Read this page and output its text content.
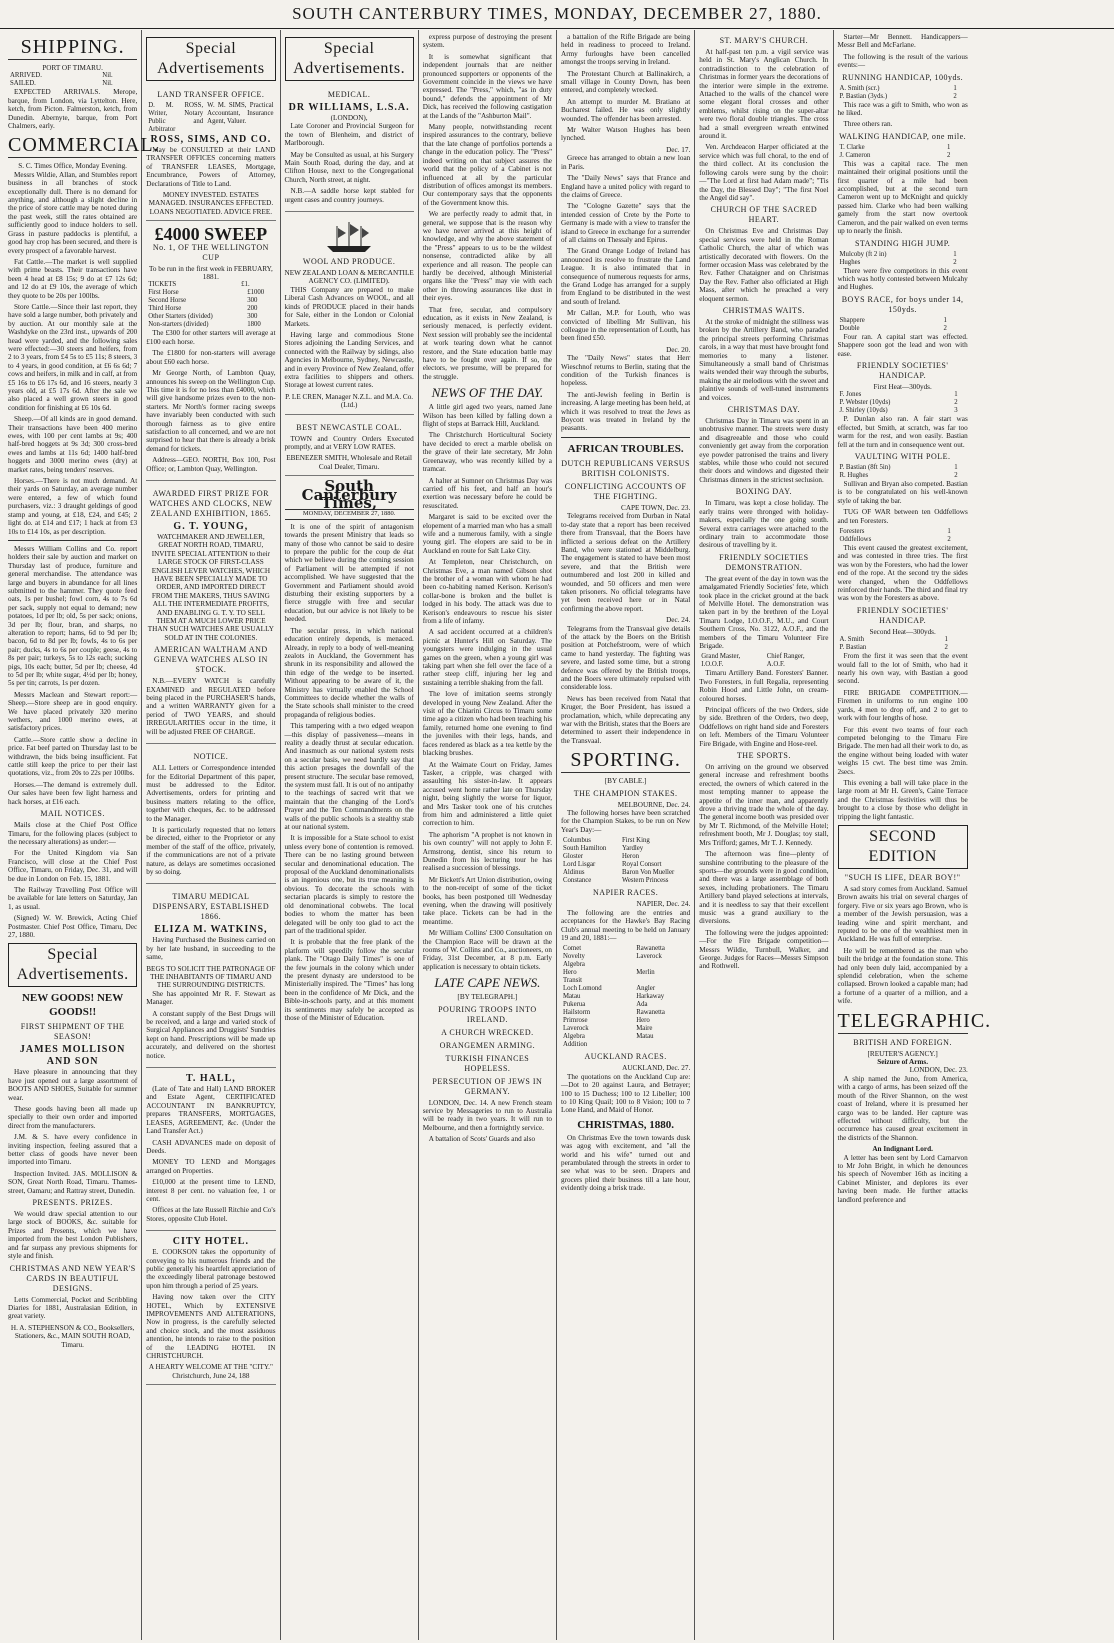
SOUTH CANTERBURY TIMES, MONDAY, DECEMBER 27, 1880.
SHIPPING.
PORT OF TIMARU.
ARRIVED.	Nil.
SAILED.	Nil.

EXPECTED ARRIVALS. Merope, barque, from London, via Lyttelton. Here, ketch, from Picton. Falmerston, ketch, from Dunedin. Abernyte, barque, from Port Chalmers, early.

COMMERCIAL.
S. C. Times Office, Monday Evening.

Messrs Wildie, Allan, and Stumbles report business in all branches of stock exceptionally dull. There is no demand for anything, and although a slight decline in the price of store cattle may be noted during the past week, still the rates obtained are sufficiently good to induce holders to sell. Grass in pasture paddocks is plentiful, a good hay crop has been secured, and there is every prospect of a favorable harvest.

Fat Cattle.—The market is well supplied with prime beasts. Their transactions have been 4 head at £8 15s; 9 do at £7 12s 6d; and 12 do at £9 10s, the average of which they quote to be 20s per 100lbs.

Store Cattle.—Since their last report, they have sold a large number, both privately and by auction. At our monthly sale at the Washdyke on the 23rd inst., upwards of 200 head were yarded, and the following sales were effected:—30 steers and heifers, from 2 to 3 years, from £4 5s to £5 11s; 8 steers, 3 to 4 years, in good condition, at £6 6s 6d; 7 cows and heifers, in milk and in calf, at from £5 16s to £6 17s 6d, and 16 steers, nearly 3 years old, at £5 17s 6d. After the sale we also placed a well grown steers in good condition for finishing at £6 10s 6d.

Sheep.—Of all kinds are in good demand. Their transactions have been 400 merino ewes, with 100 per cent lambs at 9s; 400 half-bred hoggets at 9s 3d; 300 cross-bred ewes and lambs at 11s 6d; 1400 half-bred hoggets and 3000 merino ewes (dry) at market rates, being tenders' reserves.

Horses.—There is not much demand. At their yards on Saturday, an average number were entered, a few of which found purchasers, viz.: 3 draught geldings of good stamp and young, at £18, £24, and £45; 2 light do. at £14 and £17; 1 hack at from £3 10s to £14 10s, as per description.

Messrs William Collins and Co. report holders their sale by auction and market on Thursday last of produce, furniture and general merchandise. The attendance was large and buyers in abundance for all lines submitted to the hammer. They quote feed oats, 1s per bushel; fowl corn, 4s to 7s 6d per sack, supply not equal to demand; new potatoes, 1d per lb; old, 5s per sack; onions, 3d per lb; flour, bran, and sharps, no alteration to report; hams, 6d to 9d per lb; bacon, 6d to 8d per lb; fowls, 4s to 6s per pair; ducks, 4s to 6s per couple; geese, 4s to 8s per pair; turkeys, 5s to 12s each; sucking pigs, 10s each; butter, 5d per lb; cheese, 4d to 5d per lb; white sugar, 4½d per lb; honey, 5s per tin; carrots, 1s per dozen.

Messrs Maclean and Stewart report:—Sheep.—Store sheep are in good enquiry. We have placed privately 320 merino wethers, and 1000 merino ewes, at satisfactory prices.

Cattle.—Store cattle show a decline in price. Fat beef parted on Thursday last to be withdrawn, the bids being insufficient. Fat cattle still keep the price to per their last quotations, viz., from 20s to 22s per 100lbs.

Horses.—The demand is extremely dull. Our sales have been few light harness and hack horses, at £16 each.

MAIL NOTICES.

Mails close at the Chief Post Office Timaru, for the following places (subject to the necessary alterations) as under:—

For the United Kingdom via San Francisco, will close at the Chief Post Office, Timaru, on Friday, Dec. 31, and will be due in London on Feb. 15, 1881.

The Railway Travelling Post Office will be available for late letters on Saturday, Jan 1, as usual.

(Signed) W. W. Brewick, Acting Chief Postmaster. Chief Post Office, Timaru, Dec 27, 1880.

Special Advertisements.
NEW GOODS! NEW GOODS!!
FIRST SHIPMENT OF THE SEASON!
JAMES MOLLISON AND SON

Have pleasure in announcing that they have just opened out a large assortment of BOOTS AND SHOES, Suitable for summer wear.

These goods having been all made up specially to their own order and imported direct from the manufacturers.

J.M. & S. have every confidence in inviting inspection, feeling assured that a better class of goods have never been imported into Timaru.

Inspection Invited. JAS. MOLLISON & SON, Great North Road, Timaru. Thames-street, Oamaru; and Rattray street, Dunedin.

PRESENTS. PRIZES.

We would draw special attention to our large stock of BOOKS, &c. suitable for Prizes and Presents, which we have imported from the best London Publishers, and far surpass any previous shipments for style and finish.

CHRISTMAS AND NEW YEAR'S CARDS IN BEAUTIFUL DESIGNS.

Letts Commercial, Pocket and Scribbling Diaries for 1881, Australasian Edition, in great variety.

H. A. STEPHENSON & CO., Booksellers, Stationers, &c., MAIN SOUTH ROAD, Timaru.
Special Advertisements
LAND TRANSFER OFFICE.
D. M. ROSS, Writer, Notary Public and Arbitrator	W. M. SIMS, Practical Accountant, Insurance Agent, Valuer.
ROSS, SIMS, AND CO.

May be CONSULTED at their LAND TRANSFER OFFICES concerning matters of TRANSFER LEASES, Mortgage, Encumbrance, Powers of Attorney, Declarations of Title to Land.

MONEY INVESTED. ESTATES MANAGED. INSURANCES EFFECTED. LOANS NEGOTIATED. ADVICE FREE.
£4000 SWEEP
No. 1, OF THE WELLINGTON CUP
To be run in the first week in FEBRUARY, 1881.
TICKETS	£1.
First Horse	£1000
Second Horse	300
Third Horse	200
Other Starters (divided)	300
Non-starters (divided)	1800

The £300 for other starters will average at £100 each horse.

The £1800 for non-starters will average about £60 each horse.

Mr George North, of Lambton Quay, announces his sweep on the Wellington Cup. This time it is for no less than £4000, which will give handsome prizes even to the non-starters. Mr North's former racing sweeps have invariably been conducted with such thorough fairness as to give entire satisfaction to all concerned, and we are not surprised to hear that there is already a brisk demand for tickets.

Address—GEO. NORTH, Box 100, Post Office; or, Lambton Quay, Wellington.

AWARDED FIRST PRIZE FOR WATCHES AND CLOCKS, NEW ZEALAND EXHIBITION, 1865.
G. T. YOUNG,
WATCHMAKER AND JEWELLER, GREAT NORTH ROAD, TIMARU, INVITE SPECIAL ATTENTION to their
LARGE STOCK OF FIRST-CLASS ENGLISH LEVER WATCHES, WHICH HAVE BEEN SPECIALLY MADE TO ORDER, AND IMPORTED DIRECT FROM THE MAKERS, THUS SAVING ALL THE INTERMEDIATE PROFITS, AND ENABLING G. T. Y. TO SELL THEM AT A MUCH LOWER PRICE THAN SUCH WATCHES ARE USUALLY SOLD AT IN THE COLONIES.
AMERICAN WALTHAM AND GENEVA WATCHES ALSO IN STOCK.

N.B.—EVERY WATCH is carefully EXAMINED and REGULATED before being placed in the PURCHASER'S hands, and a written WARRANTY given for a period of TWO YEARS, and should IRREGULARITIES occur in the time, it will be adjusted FREE OF CHARGE.

NOTICE.

ALL Letters or Correspondence intended for the Editorial Department of this paper, must be addressed to the Editor. Advertisements, orders for printing and business matters relating to the office, together with cheques, &c. to be addressed to the Manager.

It is particularly requested that no letters be directed, either to the Proprietor or any member of the staff of the office, privately, if the communications are not of a private nature, as delays are sometimes occasioned by so doing.

TIMARU MEDICAL DISPENSARY, ESTABLISHED 1866.
ELIZA M. WATKINS,

Having Purchased the Business carried on by her late husband, in succeeding to the same,

BEGS TO SOLICIT THE PATRONAGE OF THE INHABITANTS OF TIMARU AND THE SURROUNDING DISTRICTS.

She has appointed Mr R. F. Stewart as Manager.

A constant supply of the Best Drugs will be received, and a large and varied stock of Surgical Appliances and Druggists' Sundries kept on hand. Prescriptions will be made up accurately, and delivered on the shortest notice.

T. HALL,

(Late of Tate and Hall) LAND BROKER and Estate Agent, CERTIFICATED ACCOUNTANT IN BANKRUPTCY, prepares TRANSFERS, MORTGAGES, LEASES, AGREEMENT, &c. (Under the Land Transfer Act.)

CASH ADVANCES made on deposit of Deeds.

MONEY TO LEND and Mortgages arranged on Properties.

£10,000 at the present time to LEND, interest 8 per cent. no valuation fee, 1 or cent.

Offices at the late Russell Ritchie and Co's Stores, opposite Club Hotel.

CITY HOTEL.

E. COOKSON takes the opportunity of conveying to his numerous friends and the public generally his heartfelt appreciation of the exceedingly liberal patronage bestowed upon him through a period of 25 years.

Having now taken over the CITY HOTEL, Which by EXTENSIVE IMPROVEMENTS AND ALTERATIONS, Now in progress, is the carefully selected and choice stock, and the most assiduous attention, he intends to raise to the position of the LEADING HOTEL IN CHRISTCHURCH.

A HEARTY WELCOME AT THE "CITY." Christchurch, June 24, 188
Special Advertisements.
MEDICAL.
DR WILLIAMS, L.S.A.
(LONDON),

Late Coroner and Provincial Surgeon for the town of Blenheim, and district of Marlborough.

May be Consulted as usual, at his Surgery Main South Road, during the day, and at Clifton House, next to the Congregational Church, North street, at night.

N.B.—A saddle horse kept stabled for urgent cases and country journeys.

WOOL AND PRODUCE.
NEW ZEALAND LOAN & MERCANTILE AGENCY CO. (LIMITED).

THIS Company are prepared to make Liberal Cash Advances on WOOL, and all kinds of PRODUCE placed in their hands for Sale, either in the London or Colonial Markets.

Having large and commodious Stone Stores adjoining the Landing Services, and connected with the Railway by sidings, also Agencies in Melbourne, Sydney, Newcastle, and in every Province of New Zealand, offer extra facilities to shippers and others. Storage at lowest current rates.

P. LE CREN, Manager N.Z.L. and M.A. Co. (Ltd.)
BEST NEWCASTLE COAL.

TOWN and Country Orders Executed promptly, and at VERY LOW RATES.

EBENEZER SMITH, Wholesale and Retail Coal Dealer, Timaru.
South Canterbury Times,
MONDAY, DECEMBER 27, 1880.

It is one of the spirit of antagonism towards the present Ministry that leads so many of those who cannot be said to desire to prepare the public for the coup de état which we believe during the coming session of Parliament will be attempted if not accomplished. We have suggested that the Government and Parliament should avoid disturbing their existing supporters by a fierce struggle with free and secular education, but our advice is not likely to be heeded.

The secular press, in which national education entirely depends, is menaced. Already, in reply to a body of well-meaning zealots in Auckland, the Government has shrunk in its responsibility and allowed the thin edge of the wedge to be inserted. Without appearing to be aware of it, the Ministry has virtually enabled the School Committees to decide whether the walls of the State schools shall minister to the creed propaganda of religious bodies.

This tampering with a two edged weapon—this display of passiveness—means in reality a deadly thrust at secular education. And inasmuch as our national system rests on a secular basis, we need hardly say that this action presages the downfall of the present structure. The secular base removed, the system must fall. It is out of no antipathy to the teachings of sacred writ that we maintain that the changing of the Lord's Prayer and the Ten Commandments on the walls of the public schools is a stealthy stab at our national system.

It is impossible for a State school to exist unless every bone of contention is removed. There can be no lasting ground between secular and denominational education. The proposal of the Auckland denominationalists is an ingenious one, but its true meaning is obvious. To decorate the schools with sectarian placards is simply to restore the old denominational cobwebs. The local bodies to whom the matter has been delegated will be only too glad to act the part of the traditional spider.

It is probable that the free plank of the platform will speedily follow the secular plank. The "Otago Daily Times" is one of the few journals in the colony which under the present dynasty are understood to be Ministerially inspired. The "Times" has long been in the confidence of Mr Dick, and the Bible-in-schools party, and at this moment its sentiments may safely be accepted as those of the Minister of Education.

express purpose of destroying the present system.

It is somewhat significant that independent journals that are neither pronounced supporters or opponents of the Government coincide in the views we have expressed. The "Press," which, "as in duty bound," defends the appointment of Mr Dick, has received the following castigation at the Lands of the "Ashburton Mail".

Many people, notwithstanding recent inspired assurances to the contrary, believe that the late change of portfolios portends a change in the education policy. The "Press" indeed writing on that subject assures the world that the policy of a Cabinet is not influenced at all by the particular distribution of offices amongst its members. Our contemporary says that the opponents of the Government know this.

We are perfectly ready to admit that, in general, we suppose that is the reason why we have never arrived at this height of knowledge, and why the above statement of the "Press" appears to us to be the wildest nonsense, contradicted alike by all experience and all reason. The people can hardly be deceived, although Ministerial organs like the "Press" may vie with each other in throwing assurances like dust in their eyes.

That free, secular, and compulsory education, as it exists in New Zealand, is seriously menaced, is perfectly evident. Next session will probably see the incidental at work tearing down what he cannot restore, and the State education battle may have to be fought over again. If so, the electors, we presume, will be prepared for the struggle.

NEWS OF THE DAY.

A little girl aged two years, named Jane Wilson has been killed by falling down a flight of steps at Barrack Hill, Auckland.

The Christchurch Horticultural Society have decided to erect a marble obelisk on the grave of their late secretary, Mr John Greenaway, who was recently killed by a tramcar.

A halter at Sumner on Christmas Day was carried off his feet, and half an hour's exertion was necessary before he could be resuscitated.

Margaret is said to be excited over the elopement of a married man who has a small wife and a numerous family, with a single young girl. The elopers are said to be in Auckland en route for Salt Lake City.

At Templeton, near Christchurch, on Christmas Eve, a man named Gibson shot the brother of a woman with whom he had been co-habiting named Kerison. Kerison's collar-bone is broken and the bullet is lodged in his body. The attack was due to Kerison's endeavours to rescue his sister from a life of infamy.

A sad accident occurred at a children's picnic at Hunter's Hill on Saturday. The youngsters were indulging in the usual games on the green, when a young girl was taking part when she fell over the face of a rather steep cliff, injuring her leg and sustaining a terrible shaking from the fall.

The love of imitation seems strongly developed in young New Zealand. After the visit of the Chiarini Circus to Timaru some time ago a citizen who had been teaching his family, returned home one evening to find the juveniles with their legs, hands, and faces rendered as black as a tea kettle by the blacking brushes.

At the Waimate Court on Friday, James Tasker, a cripple, was charged with assaulting his sister-in-law. It appears accused went home rather late on Thursday night, being slightly the worse for liquor, and Mrs Tasker took one of his crutches from him and administered a little quiet correction to him.

The aphorism "A prophet is not known in his own country" will not apply to John F. Armstrong, dentist, since his return to Dunedin from his lecturing tour he has realised a succession of blessings.

Mr Bickett's Art Union distribution, owing to the non-receipt of some of the ticket books, has been postponed till Wednesday evening, when the drawing will positively take place. Tickets can be had in the meantime.

Mr William Collins' £300 Consultation on the Champion Race will be drawn at the rooms of W. Collins and Co., auctioneers, on Friday, 31st December, at 8 p.m. Early application is necessary to obtain tickets.

LATE CAPE NEWS.
[BY TELEGRAPH.]
POURING TROOPS INTO IRELAND.
A CHURCH WRECKED.
ORANGEMEN ARMING.
TURKISH FINANCES HOPELESS.
PERSECUTION OF JEWS IN GERMANY.

LONDON, Dec. 14. A new French steam service by Messageries to run to Australia will be ready in two years. It will run to Melbourne, and then a fortnightly service.

A battalion of Scots' Guards and also

a battalion of the Rifle Brigade are being held in readiness to proceed to Ireland. Army furloughs have been cancelled amongst the troops serving in Ireland.

The Protestant Church at Ballinakirch, a small village in County Down, has been entered, and completely wrecked.

An attempt to murder M. Bratiano at Bucharest failed. He was only slightly wounded. The offender has been arrested.

Mr Walter Watson Hughes has been lynched.

Dec. 17.

Greece has arranged to obtain a new loan in Paris.

The "Daily News" says that France and England have a united policy with regard to the claims of Greece.

The "Cologne Gazette" says that the intended cession of Crete by the Porte to Germany is made with a view to transfer the island to Greece in exchange for a surrender of all claims on Thessaly and Epirus.

The Grand Orange Lodge of Ireland has announced its resolve to frustrate the Land League. It is also intimated that in consequence of numerous requests for arms, the Grand Lodge has arranged for a supply from England to be distributed in the west and south of Ireland.

Mr Callan, M.P. for Louth, who was convicted of libelling Mr Sullivan, his colleague in the representation of Louth, has been fined £50.

Dec. 20.

The "Daily News" states that Herr Wieschnof returns to Berlin, stating that the condition of the Turkish finances is hopeless.

The anti-Jewish feeling in Berlin is increasing. A large meeting has been held, at which it was resolved to treat the Jews as Boycott was treated in Ireland by the peasants.

AFRICAN TROUBLES.
DUTCH REPUBLICANS VERSUS BRITISH COLONISTS.
CONFLICTING ACCOUNTS OF THE FIGHTING.
CAPE TOWN, Dec. 23.

Telegrams received from Durban in Natal to-day state that a report has been received there from Transvaal, that the Boers have inflicted a serious defeat on the Artillery Band, who were stationed at Middelburg. The engagement is stated to have been most severe, and that the British were outnumbered and lost 200 in killed and wounded, and 50 officers and men were taken prisoners. No official telegrams have yet been received here or in Natal confirming the above report.

Dec. 24.

Telegrams from the Transvaal give details of the attack by the Boers on the British position at Potchefstroom, were of which came to hand yesterday. The fighting was severe, and lasted some time, but a strong defence was offered by the British troops, and the Boers were ultimately repulsed with considerable loss.

News has been received from Natal that Kruger, the Boer President, has issued a proclamation, which, while deprecating any war with the British, states that the Boers are determined to assert their independence in the Transvaal.

SPORTING.
[BY CABLE.]
THE CHAMPION STAKES.
MELBOURNE, Dec. 24.

The following horses have been scratched for the Champion Stakes, to be run on New Year's Day:—

Columbus	First King
South Hamilton	Yardley
Gloster	Heron
Lord Lisgar	Royal Consort
Aldinus	Baron Von Mueller
Constance	Western Princess
NAPIER RACES.
NAPIER, Dec. 24.

The following are the entries and acceptances for the Hawke's Bay Racing Club's annual meeting to be held on January 19 and 20, 1881:—

Comet	Rawanetta
Novelty	Laverock
Algebra	
Hero	Merlin
Transit	
Loch Lomond	Angler
Matau	Harkaway
Pukerua	Ada
Hailstorm	Rawanetta
Primrose	Hero
Laverock	Maire
Algebra	Matau
Addition	
AUCKLAND RACES.
AUCKLAND, Dec. 27.

The quotations on the Auckland Cup are:—Dot to 20 against Laura, and Betrayer; 100 to 15 Duchess; 100 to 12 Libeller; 100 to 10 King Quail; 100 to 8 Vision; 100 to 7 Lone Hand, and Maid of Honor.

CHRISTMAS, 1880.

On Christmas Eve the town towards dusk was agog with excitement, and "all the world and his wife" turned out and perambulated through the streets in order to see what was to be seen. Drapers and grocers plied their business till a late hour, evidently doing a brisk trade.

ST. MARY'S CHURCH.

At half-past ten p.m. a vigil service was held in St. Mary's Anglican Church. In contradistinction to the celebration of Christmas in former years the decorations of the interior were simple in the extreme. Attached to the walls of the chancel were some elegant floral crosses and other emblems, whilst rising on the super-altar were two floral double triangles. The cross had a small evergreen wreath entwined around it.

Ven. Archdeacon Harper officiated at the service which was full choral, to the end of the third collect. At its conclusion the following carols were sung by the choir:—"The Lord at first had Adam made"; "Tis the Day, the Blessed Day"; "The first Noel the Angel did say".

CHURCH OF THE SACRED HEART.

On Christmas Eve and Christmas Day special services were held in the Roman Catholic Church, the altar of which was artistically decorated with flowers. On the former occasion Mass was celebrated by the Rev. Father Chataigner and on Christmas Day the Rev. Father also officiated at High Mass, after which he preached a very eloquent sermon.

CHRISTMAS WAITS.

At the stroke of midnight the stillness was broken by the Artillery Band, who paraded the principal streets performing Christmas carols, in a way that must have brought fond memories to many a listener. Simultaneously a small band of Christmas waits wended their way through the suburbs, making the air melodious with the sweet and plaintive sounds of well-tuned instruments and voices.

CHRISTMAS DAY.

Christmas Day in Timaru was spent in an unobtrusive manner. The streets were dusty and disagreeable and those who could conveniently get away from the corporation eye powder patronised the trains and livery stables, while those who could not secured their doors and windows and digested their Christmas dinners in the strictest seclusion.

BOXING DAY.

In Timaru, was kept a close holiday. The early trains were thronged with holiday-makers, especially the one going south. Several extra carriages were attached to the ordinary train to accommodate those desirous of travelling by it.

FRIENDLY SOCIETIES DEMONSTRATION.

The great event of the day in town was the amalgamated Friendly Societies' fete, which took place in the cricket ground at the back of Melville Hotel. The demonstration was taken part in by the brethren of the Loyal Timaru Lodge, I.O.O.F., M.U., and Court Southern Cross, No. 3122, A.O.F., and the members of the Timaru Volunteer Fire Brigade.

Grand Master,	Chief Ranger,
I.O.O.F.	A.O.F.

Timaru Artillery Band. Foresters' Banner. Two Foresters, in full Regalia, representing Robin Hood and Little John, on cream-coloured horses.

Principal officers of the two Orders, side by side. Brethren of the Orders, two deep, Oddfellows on right hand side and Foresters on left. Members of the Timaru Volunteer Fire Brigade, with Engine and Hose-reel.

THE SPORTS.

On arriving on the ground we observed general increase and refreshment booths erected, the owners of which catered in the most tempting manner to appease the appetite of the inner man, and apparently drove a thriving trade the whole of the day. The general income booth was presided over by Mr T. Richmond, of the Melville Hotel; refreshment booth, Mr J. Douglas; toy stall, Mrs Trifford; games, Mr T. J. Kennedy.

The afternoon was fine—plenty of sunshine contributing to the pleasure of the sports—the grounds were in good condition, and there was a large assemblage of both sexes, including probationers. The Timaru Artillery band played selections at intervals, and it is needless to say that their excellent music was a grand auxiliary to the diversions.

The following were the judges appointed:—For the Fire Brigade competition—Messrs Wildie, Turnbull, Walker, and George. Judges for Races—Messrs Simpson and Rothwell.

Starter—Mr Bennett. Handicappers—Messr Bell and McFarlane.

The following is the result of the various events:—

RUNNING HANDICAP, 100yds.
A. Smith (scr.)	1
P. Bastian (3yds.)	2

This race was a gift to Smith, who won as he liked.

Three others ran.

WALKING HANDICAP, one mile.
T. Clarke	1
J. Cameron	2

This was a capital race. The men maintained their original positions until the first quarter of a mile had been accomplished, but at the second turn Cameron went up to McKnight and quickly passed him. Clarke who had been walking gamely from the start now overtook Cameron, and the pair walked on even terms up to nearly the finish.

STANDING HIGH JUMP.
Mulcoby (ft 2 in)	1
Hughes	2

There were five competitors in this event which was hotly contested between Mulcahy and Hughes.

BOYS RACE, for boys under 14, 150yds.
Shappere	1
Double	2

Four ran. A capital start was effected. Shappere soon got the lead and won with ease.

FRIENDLY SOCIETIES' HANDICAP.
First Heat—300yds.
F. Jones	1
P. Webster (10yds)	2
J. Shirley (10yds)	3

P. Dunlan also ran. A fair start was effected, but Smith, at scratch, was far too warm for the rest, and won easily. Bastian fell at the turn and in consequence went out.

VAULTING WITH POLE.
P. Bastian (8ft 5in)	1
R. Hughes	2

Sullivan and Bryan also competed. Bastian is to be congratulated on his well-known style of taking the bar.

TUG OF WAR between ten Oddfellows and ten Foresters.

Foresters	1
Oddfellows	2

This event caused the greatest excitement, and was contested in three tries. The first was won by the Foresters, who had the lower end of the rope. At the second try the sides were changed, when the Oddfellows reinforced their hands. The third and final try was won by the Foresters as above.

FRIENDLY SOCIETIES' HANDICAP.
Second Heat—300yds.
A. Smith	1
P. Bastian	2

From the first it was seen that the event would fall to the lot of Smith, who had it nearly his own way, with Bastian a good second.

FIRE BRIGADE COMPETITION.—Firemen in uniforms to run engine 100 yards, 4 men to drop off, and 2 to get to work with four lengths of hose.

For this event two teams of four each competed belonging to the Timaru Fire Brigade. The men had all their work to do, as the engine without being loaded with water weighs 15 cwt. The best time was 2min. 2secs.

This evening a ball will take place in the large room at Mr H. Green's, Caine Terrace and the Christmas festivities will thus be brought to a close by those who delight in tripping the light fantastic.

SECOND EDITION
"SUCH IS LIFE, DEAR BOY!"

A sad story comes from Auckland. Samuel Brown awaits his trial on several charges of forgery. Five or six years ago Brown, who is a member of the Jewish persuasion, was a leading wine and spirit merchant, and reputed to be one of the wealthiest men in Auckland. He was full of enterprise.

He will be remembered as the man who built the bridge at the foundation stone. This had only been duly laid, accompanied by a splendid celebration, when the scheme collapsed. Brown looked a capable man; had a fortune of a quarter of a million, and a wife.

TELEGRAPHIC.
BRITISH AND FOREIGN.
[REUTER'S AGENCY.]
Seizure of Arms.
LONDON, Dec. 23.

A ship named the Juno, from America, with a cargo of arms, has been seized off the mouth of the River Shannon, on the west coast of Ireland, where it is presumed her cargo was to be landed. Her capture was effected without difficulty, but the occurrence has caused great excitement in the districts of the Shannon.

An Indignant Lord.

A letter has been sent by Lord Carnarvon to Mr John Bright, in which he denounces his speech of November 16th as inciting a Cabinet Minister, and deplores its ever having been made. He further attacks landlord preference and
